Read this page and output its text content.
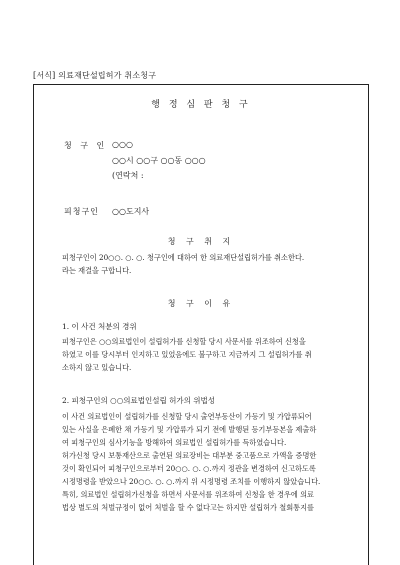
[서식] 의료재단설립허가 취소청구
행 정 심 판 청 구
청 구 인 ○○○
○○시 ○○구 ○○동 ○○○
(연락처 :
피청구인 ○○도지사
청 구 취 지
피청구인이 20○○. ○. ○. 청구인에 대하여 한 의료재단설립허가를 취소한다.
라는 재결을 구합니다.
청 구 이 유
1. 이 사건 처분의 경위
피청구인은 ○○의료법인이 설립허가를 신청할 당시 사문서를 위조하여 신청을
하였고 이를 당시부터 인지하고 있었음에도 불구하고 지금까지 그 설립허가를 취
소하지 않고 있습니다.
2. 피청구인의 ○○의료법인설립 허가의 위법성
이 사건 의료법인이 설립허가를 신청할 당시 출연부동산이 가등기 및 가압류되어
있는 사실을 은폐한 채 가등기 및 가압류가 되기 전에 발행된 등기부등본을 제출하
여 피청구인의 심사기능을 방해하여 의료법인 설립허가를 득하였습니다.
허가신청 당시 보통재산으로 출연된 의료장비는 대부분 중고품으로 가액을 증명한
것이 확인되어 피청구인으로부터 20○○. ○. ○.까지 정관을 변경하여 신고하도록
시정명령을 받았으나 20○○. ○. ○.까지 위 시정명령 조치를 이행하지 않았습니다.
특히, 의료법인 설립허가신청을 하면서 사문서를 위조하여 신청을 한 경우에 의료
법상 별도의 처벌규정이 없어 처벌을 할 수 없다고는 하지만 설립허가 철회통지를
